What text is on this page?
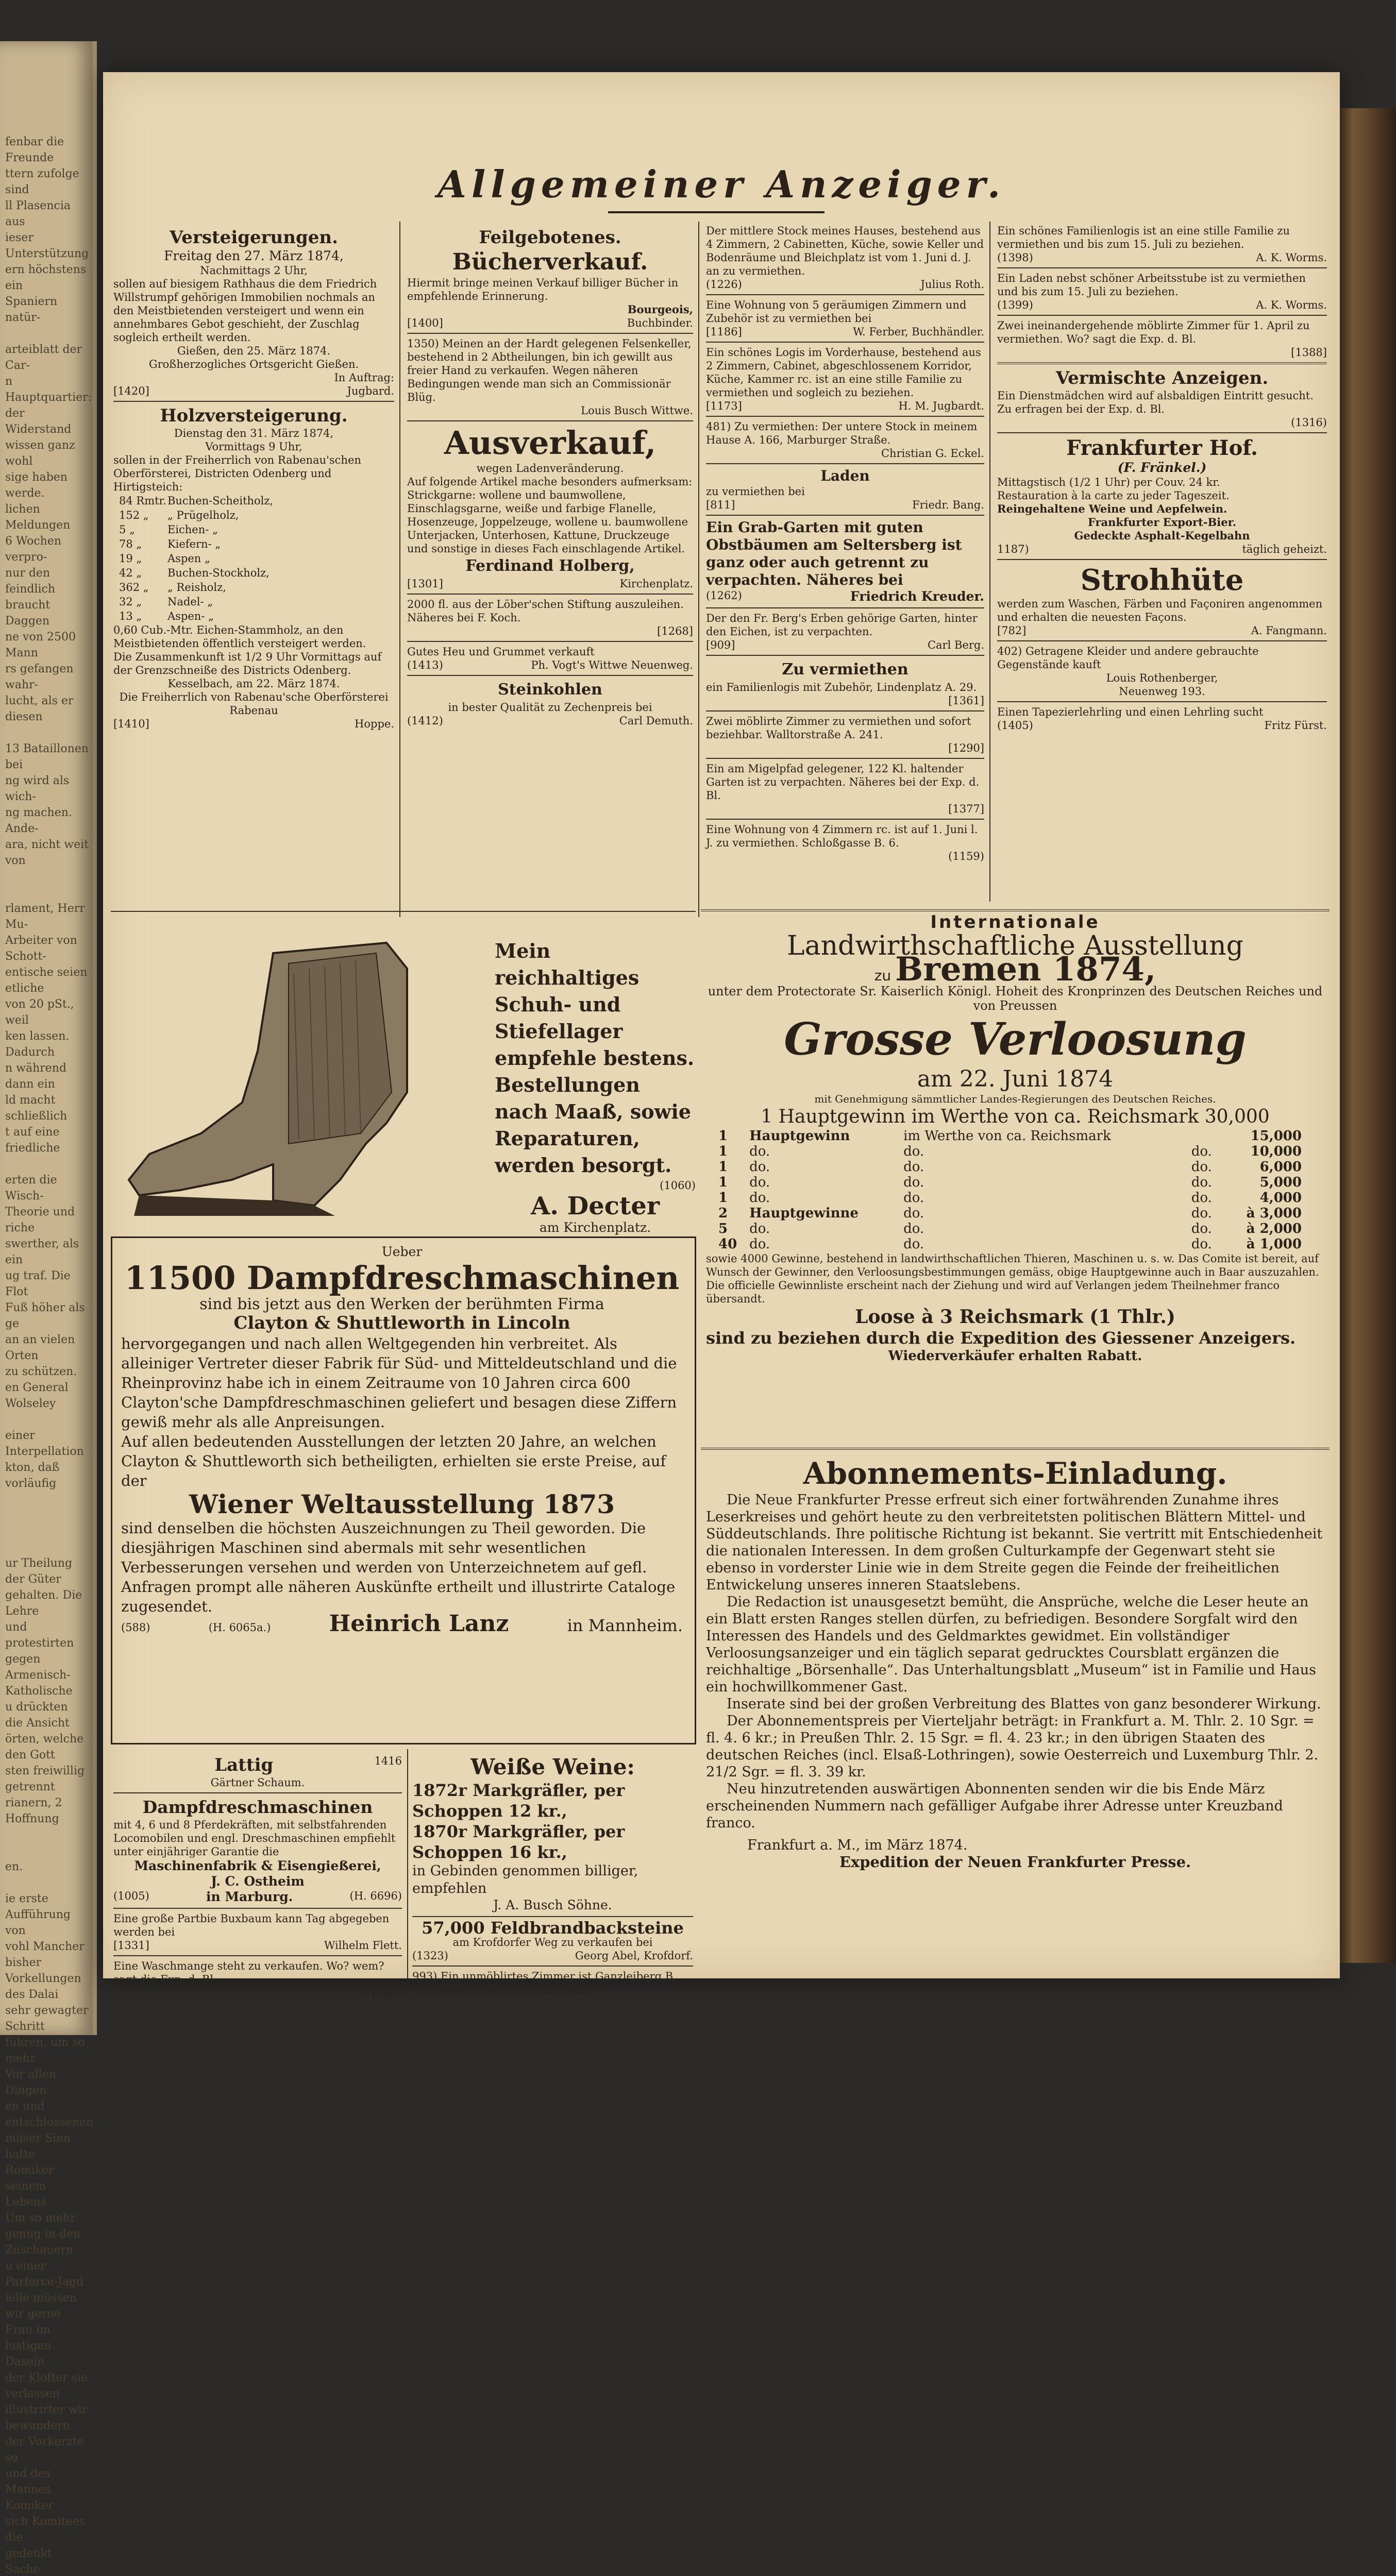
fenbar die Freunde
ttern zufolge sind
ll Plasencia aus
ieser Unterstützung
ern höchstens ein
Spaniern natür-

arteiblatt der Car-
n Hauptquartier:
der Widerstand
wissen ganz wohl
sige haben werde.
lichen Meldungen
6 Wochen verpro-
nur den feindlich
braucht Daggen
ne von 2500 Mann
rs gefangen wahr-
lucht, als er diesen

13 Bataillonen bei
ng wird als wich-
ng machen. Ande-
ara, nicht weit von

rlament, Herr Mu-
Arbeiter von Schott-
entische seien etliche
von 20 pSt., weil
ken lassen. Dadurch
n während dann ein
ld macht schließlich
t auf eine friedliche

erten die Wisch-
Theorie und riche
swerther, als ein
ug traf. Die Flot
Fuß höher als ge
an an vielen Orten
zu schützen.
en General Wolseley

einer Interpellation
kton, daß vorläufig

ur Theilung der Güter
gehalten. Die Lehre
und protestirten gegen
Armenisch-Katholische
u drückten die Ansicht
örten, welche den Gott
sten freiwillig getrennt
rianern, 2 Hoffnung

en.

ie erste Aufführung von
vohl Mancher bisher
Vorkellungen des Dalai
sehr gewagter Schritt
führen, um so mehr
Vor allen Dingen
en und entschlossenen
miiser Sinn hatte
Romiker seinem Lebens
Um so mehr
genug in den Zuschauern
u einer Parforce-Jagd
ielle müssen wir gerne
Frau im lustigen Dasein
der Klofter sie verlassen
illustrirter wir bewundern
der Vorkerzte so
und des Mannes Komiker
sich Komitees die
gedenkt Sache

Allgemeiner Anzeiger.

Versteigerungen.

Freitag den 27. März 1874,

Nachmittags 2 Uhr,

sollen auf biesigem Rathhaus die dem Friedrich Willstrumpf gehörigen Immobilien nochmals an den Meistbietenden versteigert und wenn ein annehmbares Gebot geschieht, der Zuschlag sogleich ertheilt werden.

Gießen, den 25. März 1874.

Großherzogliches Ortsgericht Gießen.

In Auftrag:

[1420]	Jugbard.

Holzversteigerung.

Dienstag den 31. März 1874,

Vormittags 9 Uhr,

sollen in der Freiherrlich von Rabenau'schen Oberförsterei, Districten Odenberg und Hirtigsteich:

84 Rmtr.	Buchen-Scheitholz,
152 „	„ Prügelholz,
5 „	Eichen- „
78 „	Kiefern- „
19 „	Aspen „
42 „	Buchen-Stockholz,
362 „	„ Reisholz,
32 „	Nadel- „
13 „	Aspen- „

0,60 Cub.-Mtr. Eichen-Stammholz, an den Meistbietenden öffentlich versteigert werden.

Die Zusammenkunft ist 1/2 9 Uhr Vormittags auf der Grenzschneiße des Districts Odenberg.

Kesselbach, am 22. März 1874.

Die Freiherrlich von Rabenau'sche Oberförsterei Rabenau

[1410]	Hoppe.

Feilgebotenes.

Bücherverkauf.

Hiermit bringe meinen Verkauf billiger Bücher in empfehlende Erinnerung.

Bourgeois,

[1400]	Buchbinder.

1350) Meinen an der Hardt gelegenen Felsenkeller, bestehend in 2 Abtheilungen, bin ich gewillt aus freier Hand zu verkaufen. Wegen näheren Bedingungen wende man sich an Commissionär Blüg.

Louis Busch Wittwe.

Ausverkauf,

wegen Ladenveränderung.

Auf folgende Artikel mache besonders aufmerksam:

Strickgarne: wollene und baumwollene, Einschlagsgarne, weiße und farbige Flanelle, Hosenzeuge, Joppelzeuge, wollene u. baumwollene Unterjacken, Unterhosen, Kattune, Druckzeuge und sonstige in dieses Fach einschlagende Artikel.

Ferdinand Holberg,

[1301]	Kirchenplatz.

2000 fl. aus der Löber'schen Stiftung auszuleihen. Näheres bei F. Koch.

[1268]

Gutes Heu und Grummet verkauft

(1413)	Ph. Vogt's Wittwe Neuenweg.

Steinkohlen

in bester Qualität zu Zechenpreis bei

(1412)	Carl Demuth.

Der mittlere Stock meines Hauses, bestehend aus 4 Zimmern, 2 Cabinetten, Küche, sowie Keller und Bodenräume und Bleichplatz ist vom 1. Juni d. J. an zu vermiethen.

(1226)	Julius Roth.

Eine Wohnung von 5 geräumigen Zimmern und Zubehör ist zu vermiethen bei

[1186]	W. Ferber, Buchhändler.

Ein schönes Logis im Vorderhause, bestehend aus 2 Zimmern, Cabinet, abgeschlossenem Korridor, Küche, Kammer rc. ist an eine stille Familie zu vermiethen und sogleich zu beziehen.

[1173]	H. M. Jugbardt.

481) Zu vermiethen: Der untere Stock in meinem Hause A. 166, Marburger Straße.

Christian G. Eckel.

Laden

zu vermiethen bei

[811]	Friedr. Bang.

Ein Grab-Garten mit guten Obstbäumen am Seltersberg ist ganz oder auch getrennt zu verpachten. Näheres bei

(1262)	Friedrich Kreuder.

Der den Fr. Berg's Erben gehörige Garten, hinter den Eichen, ist zu verpachten.

[909]	Carl Berg.

Zu vermiethen

ein Familienlogis mit Zubehör, Lindenplatz A. 29.

[1361]

Zwei möblirte Zimmer zu vermiethen und sofort beziehbar. Walltorstraße A. 241.

[1290]

Ein am Migelpfad gelegener, 122 Kl. haltender Garten ist zu verpachten. Näheres bei der Exp. d. Bl.

[1377]

Eine Wohnung von 4 Zimmern rc. ist auf 1. Juni l. J. zu vermiethen. Schloßgasse B. 6.

(1159)

Ein schönes Familienlogis ist an eine stille Familie zu vermiethen und bis zum 15. Juli zu beziehen.

(1398)	A. K. Worms.

Ein Laden nebst schöner Arbeitsstube ist zu vermiethen und bis zum 15. Juli zu beziehen.

(1399)	A. K. Worms.

Zwei ineinandergehende möblirte Zimmer für 1. April zu vermiethen. Wo? sagt die Exp. d. Bl.

[1388]

Vermischte Anzeigen.

Ein Dienstmädchen wird auf alsbaldigen Eintritt gesucht. Zu erfragen bei der Exp. d. Bl.

(1316)

Frankfurter Hof.

(F. Fränkel.)

Mittagstisch (1/2 1 Uhr) per Couv. 24 kr.

Restauration à la carte zu jeder Tageszeit.

Reingehaltene Weine und Aepfelwein.

Frankfurter Export-Bier.

Gedeckte Asphalt-Kegelbahn

1187)	täglich geheizt.

Strohhüte

werden zum Waschen, Färben und Façoniren angenommen und erhalten die neuesten Façons.

[782]	A. Fangmann.

402) Getragene Kleider und andere gebrauchte Gegenstände kauft

Louis Rothenberger,

Neuenweg 193.

Einen Tapezierlehrling und einen Lehrling sucht

(1405)	Fritz Fürst.

Mein reichhaltiges Schuh- und Stiefellager empfehle bestens. Bestellungen nach Maaß, sowie Reparaturen, werden besorgt.

(1060)

A. Decter

am Kirchenplatz.

Ueber

11500 Dampfdreschmaschinen

sind bis jetzt aus den Werken der berühmten Firma

Clayton & Shuttleworth in Lincoln

hervorgegangen und nach allen Weltgegenden hin verbreitet. Als alleiniger Vertreter dieser Fabrik für Süd- und Mitteldeutschland und die Rheinprovinz habe ich in einem Zeitraume von 10 Jahren circa 600 Clayton'sche Dampfdreschmaschinen geliefert und besagen diese Ziffern gewiß mehr als alle Anpreisungen.

Auf allen bedeutenden Ausstellungen der letzten 20 Jahre, an welchen Clayton & Shuttleworth sich betheiligten, erhielten sie erste Preise, auf der

Wiener Weltausstellung 1873

sind denselben die höchsten Auszeichnungen zu Theil geworden. Die diesjährigen Maschinen sind abermals mit sehr wesentlichen Verbesserungen versehen und werden von Unterzeichnetem auf gefl. Anfragen prompt alle näheren Auskünfte ertheilt und illustrirte Cataloge zugesendet.

(588)	(H. 6065a.)	Heinrich Lanz	in Mannheim.
Lattig	1416

Gärtner Schaum.

Dampfdreschmaschinen

mit 4, 6 und 8 Pferdekräften, mit selbstfahrenden Locomobilen und engl. Dreschmaschinen empfiehlt unter einjähriger Garantie die

Maschinenfabrik & Eisengießerei,

J. C. Ostheim

(1005)	in Marburg.	(H. 6696)

Eine große Partbie Buxbaum kann Tag abgegeben werden bei

[1331]	Wilhelm Flett.

Eine Waschmange steht zu verkaufen. Wo? wem? sagt die Exp. d. Bl.

(1406)

Weiße Weine:

1872r Markgräfler, per Schoppen 12 kr.,

1870r Markgräfler, per Schoppen 16 kr.,

in Gebinden genommen billiger, empfehlen

J. A. Busch Söhne.

57,000 Feldbrandbacksteine

am Krofdorfer Weg zu verkaufen bei

(1323)	Georg Abel, Krofdorf.

993) Ein unmöblirtes Zimmer ist Ganzleiberg B. 68, ebener Erde, zu vermiethen.

Internationale

Landwirthschaftliche Ausstellung

zu Bremen 1874,

unter dem Protectorate Sr. Kaiserlich Königl. Hoheit des Kronprinzen des Deutschen Reiches und von Preussen

Grosse Verloosung

am 22. Juni 1874

mit Genehmigung sämmtlicher Landes-Regierungen des Deutschen Reiches.

1 Hauptgewinn im Werthe von ca. Reichsmark 30,000

1	Hauptgewinn	im Werthe von ca. Reichsmark		15,000
1	do.	do.	do.	10,000
1	do.	do.	do.	6,000
1	do.	do.	do.	5,000
1	do.	do.	do.	4,000
2	Hauptgewinne	do.	do.	à 3,000
5	do.	do.	do.	à 2,000
40	do.	do.	do.	à 1,000

sowie 4000 Gewinne, bestehend in landwirthschaftlichen Thieren, Maschinen u. s. w. Das Comite ist bereit, auf Wunsch der Gewinner, den Verloosungsbestimmungen gemäss, obige Hauptgewinne auch in Baar auszuzahlen.

Die officielle Gewinnliste erscheint nach der Ziehung und wird auf Verlangen jedem Theilnehmer franco übersandt.

Loose à 3 Reichsmark (1 Thlr.)

sind zu beziehen durch die Expedition des Giessener Anzeigers.

Wiederverkäufer erhalten Rabatt.

Abonnements-Einladung.

Die Neue Frankfurter Presse erfreut sich einer fortwährenden Zunahme ihres Leserkreises und gehört heute zu den verbreitetsten politischen Blättern Mittel- und Süddeutschlands. Ihre politische Richtung ist bekannt. Sie vertritt mit Entschiedenheit die nationalen Interessen. In dem großen Culturkampfe der Gegenwart steht sie ebenso in vorderster Linie wie in dem Streite gegen die Feinde der freiheitlichen Entwickelung unseres inneren Staatslebens.

Die Redaction ist unausgesetzt bemüht, die Ansprüche, welche die Leser heute an ein Blatt ersten Ranges stellen dürfen, zu befriedigen. Besondere Sorgfalt wird den Interessen des Handels und des Geldmarktes gewidmet. Ein vollständiger Verloosungsanzeiger und ein täglich separat gedrucktes Coursblatt ergänzen die reichhaltige „Börsenhalle“. Das Unterhaltungsblatt „Museum“ ist in Familie und Haus ein hochwillkommener Gast.

Inserate sind bei der großen Verbreitung des Blattes von ganz besonderer Wirkung.

Der Abonnementspreis per Vierteljahr beträgt: in Frankfurt a. M. Thlr. 2. 10 Sgr. = fl. 4. 6 kr.; in Preußen Thlr. 2. 15 Sgr. = fl. 4. 23 kr.; in den übrigen Staaten des deutschen Reiches (incl. Elsaß-Lothringen), sowie Oesterreich und Luxemburg Thlr. 2. 21/2 Sgr. = fl. 3. 39 kr.

Neu hinzutretenden auswärtigen Abonnenten senden wir die bis Ende März erscheinenden Nummern nach gefälliger Aufgabe ihrer Adresse unter Kreuzband franco.

Frankfurt a. M., im März 1874.

Expedition der Neuen Frankfurter Presse.
